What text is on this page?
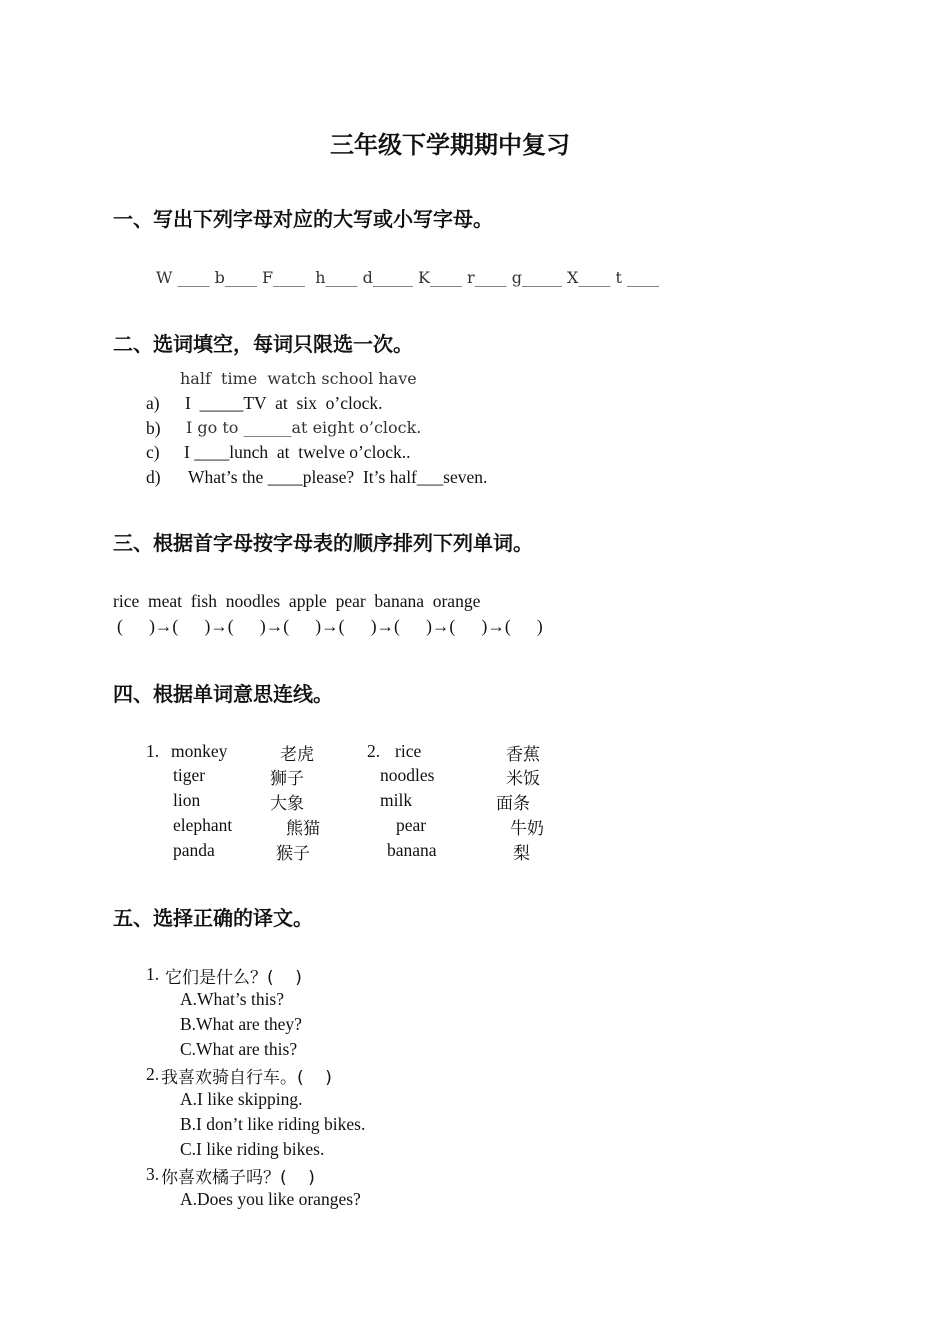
三年级下学期期中复习
一、写出下列字母对应的大写或小写字母。
W ____ b____ F____  h____ d_____ K____ r____ g_____ X____ t ____
二、选词填空，每词只限选一次。
half  time  watch school have
a) I  _____TV  at  six  o’clock.
b) I go to ______at eight o’clock.
c) I ____lunch  at  twelve o’clock..
d) What’s the ____please?  It’s half___seven.
三、根据首字母按字母表的顺序排列下列单词。
rice  meat  fish  noodles  apple  pear  banana  orange
(      )→(      )→(      )→(      )→(      )→(      )→(      )→(      )
四、根据单词意思连线。
1. monkey
tiger
lion
elephant
panda
老虎
狮子
大象
熊猫
猴子
2. rice
noodles
milk
pear
banana
香蕉
米饭
面条
牛奶
梨
五、选择正确的译文。
1. 它们是什么？(    )
A.What’s this?
B.What are they?
C.What are this?
2. 我喜欢骑自行车。(    )
A.I like skipping.
B.I don’t like riding bikes.
C.I like riding bikes.
3. 你喜欢橘子吗？(    )
A.Does you like oranges?
